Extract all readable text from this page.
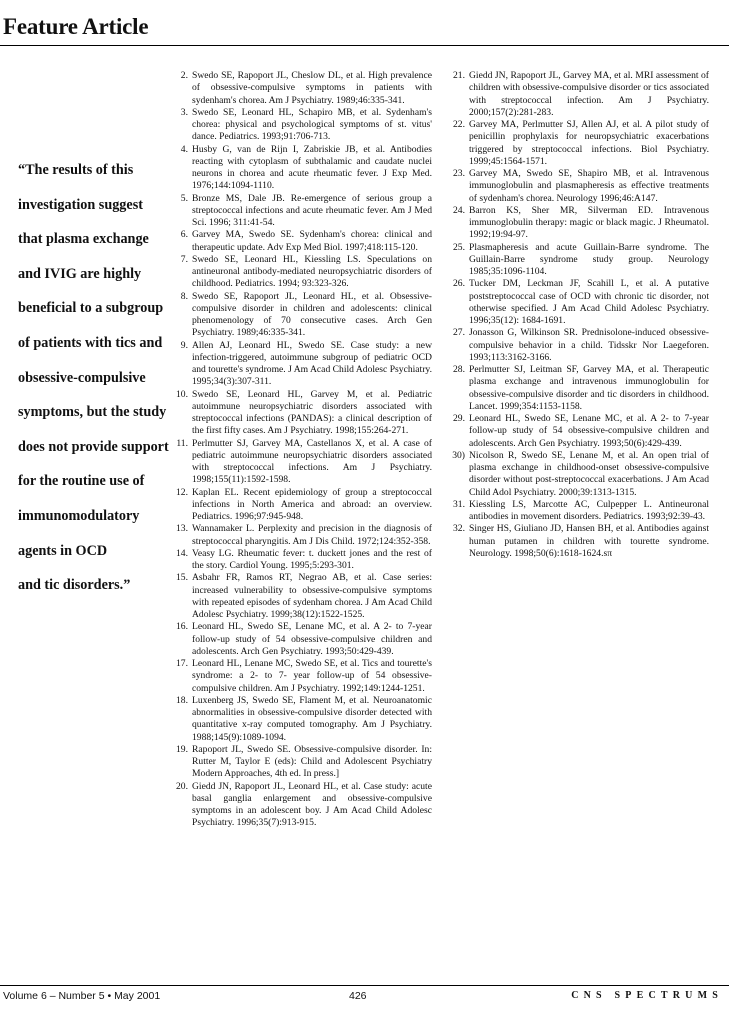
Feature Article
“The results of this
investigation suggest
that plasma exchange
and IVIG are highly
beneficial to a subgroup
of patients with tics and
obsessive-compulsive
symptoms, but the study
does not provide support
for the routine use of
immunomodulatory
agents in OCD
and tic disorders.”
2. Swedo SE, Rapoport JL, Cheslow DL, et al. High prevalence of obsessive-compulsive symptoms in patients with sydenham's chorea. Am J Psychiatry. 1989;46:335-341.
3. Swedo SE, Leonard HL, Schapiro MB, et al. Sydenham's chorea: physical and psychological symptoms of st. vitus' dance. Pediatrics. 1993;91:706-713.
4. Husby G, van de Rijn I, Zabriskie JB, et al. Antibodies reacting with cytoplasm of subthalamic and caudate nuclei neurons in chorea and acute rheumatic fever. J Exp Med. 1976;144:1094-1110.
5. Bronze MS, Dale JB. Re-emergence of serious group a streptococcal infections and acute rheumatic fever. Am J Med Sci. 1996; 311:41-54.
6. Garvey MA, Swedo SE. Sydenham's chorea: clinical and therapeutic update. Adv Exp Med Biol. 1997;418:115-120.
7. Swedo SE, Leonard HL, Kiessling LS. Speculations on antineuronal antibody-mediated neuropsychiatric disorders of childhood. Pediatrics. 1994; 93:323-326.
8. Swedo SE, Rapoport JL, Leonard HL, et al. Obsessive-compulsive disorder in children and adolescents: clinical phenomenology of 70 consecutive cases. Arch Gen Psychiatry. 1989;46:335-341.
9. Allen AJ, Leonard HL, Swedo SE. Case study: a new infection-triggered, autoimmune subgroup of pediatric OCD and tourette's syndrome. J Am Acad Child Adolesc Psychiatry. 1995;34(3):307-311.
10. Swedo SE, Leonard HL, Garvey M, et al. Pediatric autoimmune neuropsychiatric disorders associated with streptococcal infections (PANDAS): a clinical description of the first fifty cases. Am J Psychiatry. 1998;155:264-271.
11. Perlmutter SJ, Garvey MA, Castellanos X, et al. A case of pediatric autoimmune neuropsychiatric disorders associated with streptococcal infections. Am J Psychiatry. 1998;155(11):1592-1598.
12. Kaplan EL. Recent epidemiology of group a streptococcal infections in North America and abroad: an overview. Pediatrics. 1996;97:945-948.
13. Wannamaker L. Perplexity and precision in the diagnosis of streptococcal pharyngitis. Am J Dis Child. 1972;124:352-358.
14. Veasy LG. Rheumatic fever: t. duckett jones and the rest of the story. Cardiol Young. 1995;5:293-301.
15. Asbahr FR, Ramos RT, Negrao AB, et al. Case series: increased vulnerability to obsessive-compulsive symptoms with repeated episodes of sydenham chorea. J Am Acad Child Adolesc Psychiatry. 1999;38(12):1522-1525.
16. Leonard HL, Swedo SE, Lenane MC, et al. A 2- to 7-year follow-up study of 54 obsessive-compulsive children and adolescents. Arch Gen Psychiatry. 1993;50:429-439.
17. Leonard HL, Lenane MC, Swedo SE, et al. Tics and tourette's syndrome: a 2- to 7- year follow-up of 54 obsessive-compulsive children. Am J Psychiatry. 1992;149:1244-1251.
18. Luxenberg JS, Swedo SE, Flament M, et al. Neuroanatomic abnormalities in obsessive-compulsive disorder detected with quantitative x-ray computed tomography. Am J Psychiatry. 1988;145(9):1089-1094.
19. Rapoport JL, Swedo SE. Obsessive-compulsive disorder. In: Rutter M, Taylor E (eds): Child and Adolescent Psychiatry Modern Approaches, 4th ed. In press.]
20. Giedd JN, Rapoport JL, Leonard HL, et al. Case study: acute basal ganglia enlargement and obsessive-compulsive symptoms in an adolescent boy. J Am Acad Child Adolesc Psychiatry. 1996;35(7):913-915.
21. Giedd JN, Rapoport JL, Garvey MA, et al. MRI assessment of children with obsessive-compulsive disorder or tics associated with streptococcal infection. Am J Psychiatry. 2000;157(2):281-283.
22. Garvey MA, Perlmutter SJ, Allen AJ, et al. A pilot study of penicillin prophylaxis for neuropsychiatric exacerbations triggered by streptococcal infections. Biol Psychiatry. 1999;45:1564-1571.
23. Garvey MA, Swedo SE, Shapiro MB, et al. Intravenous immunoglobulin and plasmapheresis as effective treatments of sydenham's chorea. Neurology 1996;46:A147.
24. Barron KS, Sher MR, Silverman ED. Intravenous immunoglobulin therapy: magic or black magic. J Rheumatol. 1992;19:94-97.
25. Plasmapheresis and acute Guillain-Barre syndrome. The Guillain-Barre syndrome study group. Neurology 1985;35:1096-1104.
26. Tucker DM, Leckman JF, Scahill L, et al. A putative poststreptococcal case of OCD with chronic tic disorder, not otherwise specified. J Am Acad Child Adolesc Psychiatry. 1996;35(12): 1684-1691.
27. Jonasson G, Wilkinson SR. Prednisolone-induced obsessive-compulsive behavior in a child. Tidsskr Nor Laegeforen. 1993;113:3162-3166.
28. Perlmutter SJ, Leitman SF, Garvey MA, et al. Therapeutic plasma exchange and intravenous immunoglobulin for obsessive-compulsive disorder and tic disorders in childhood. Lancet. 1999;354:1153-1158.
29. Leonard HL, Swedo SE, Lenane MC, et al. A 2- to 7-year follow-up study of 54 obsessive-compulsive children and adolescents. Arch Gen Psychiatry. 1993;50(6):429-439.
30) Nicolson R, Swedo SE, Lenane M, et al. An open trial of plasma exchange in childhood-onset obsessive-compulsive disorder without post-streptococcal exacerbations. J Am Acad Child Adol Psychiatry. 2000;39:1313-1315.
31. Kiessling LS, Marcotte AC, Culpepper L. Antineuronal antibodies in movement disorders. Pediatrics. 1993;92:39-43.
32. Singer HS, Giuliano JD, Hansen BH, et al. Antibodies against human putamen in children with tourette syndrome. Neurology. 1998;50(6):1618-1624.sπ
Volume 6 – Number 5 • May 2001	426	CNS SPECTRUMS
